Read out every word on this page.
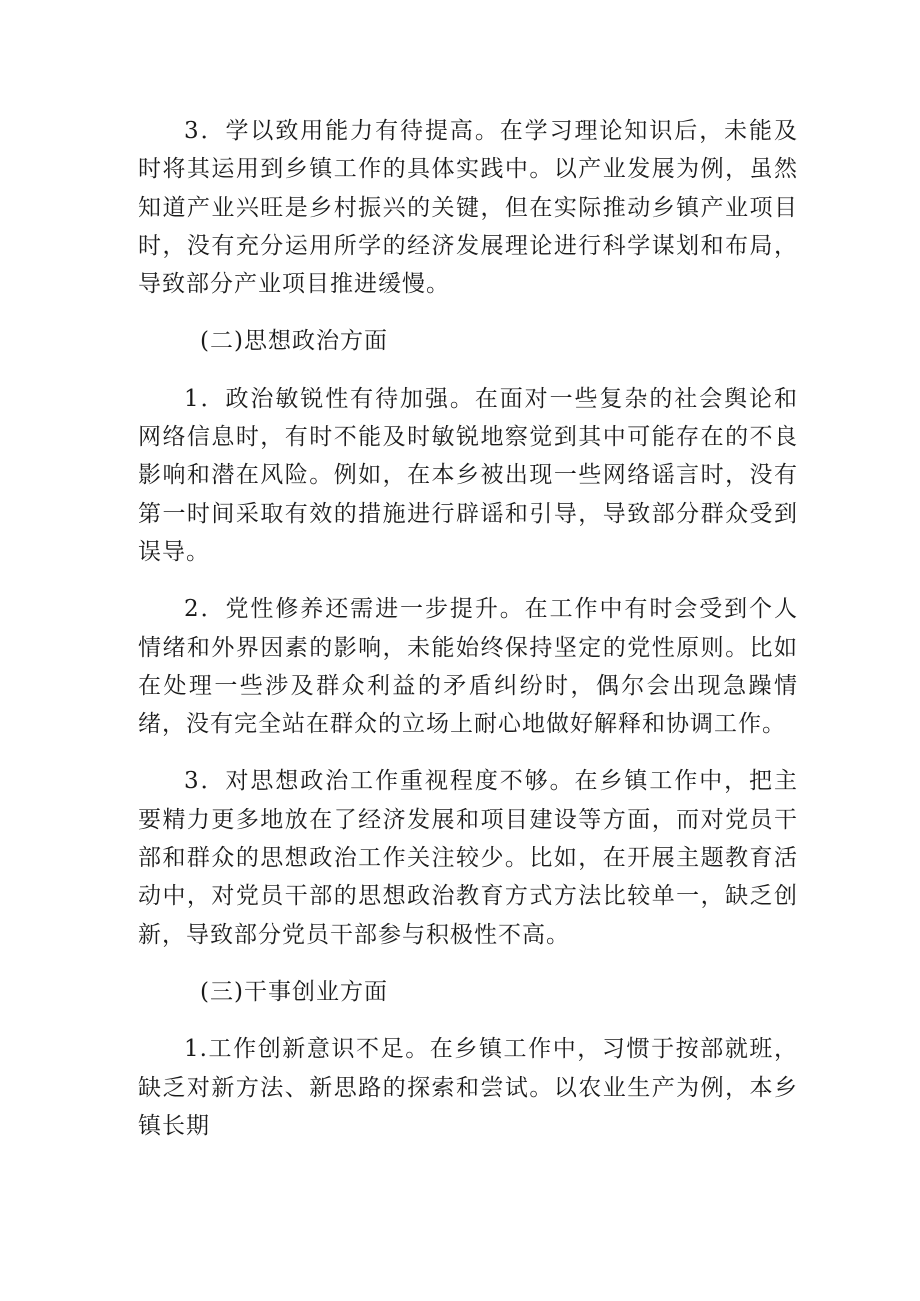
3．学以致用能力有待提高。在学习理论知识后，未能及时将其运用到乡镇工作的具体实践中。以产业发展为例，虽然知道产业兴旺是乡村振兴的关键，但在实际推动乡镇产业项目时，没有充分运用所学的经济发展理论进行科学谋划和布局，导致部分产业项目推进缓慢。

(二)思想政治方面

1．政治敏锐性有待加强。在面对一些复杂的社会舆论和网络信息时，有时不能及时敏锐地察觉到其中可能存在的不良影响和潜在风险。例如，在本乡被出现一些网络谣言时，没有第一时间采取有效的措施进行辟谣和引导，导致部分群众受到误导。

2．党性修养还需进一步提升。在工作中有时会受到个人情绪和外界因素的影响，未能始终保持坚定的党性原则。比如在处理一些涉及群众利益的矛盾纠纷时，偶尔会出现急躁情绪，没有完全站在群众的立场上耐心地做好解释和协调工作。

3．对思想政治工作重视程度不够。在乡镇工作中，把主要精力更多地放在了经济发展和项目建设等方面，而对党员干部和群众的思想政治工作关注较少。比如，在开展主题教育活动中，对党员干部的思想政治教育方式方法比较单一，缺乏创新，导致部分党员干部参与积极性不高。

(三)干事创业方面

1.工作创新意识不足。在乡镇工作中，习惯于按部就班，缺乏对新方法、新思路的探索和尝试。以农业生产为例，本乡镇长期
